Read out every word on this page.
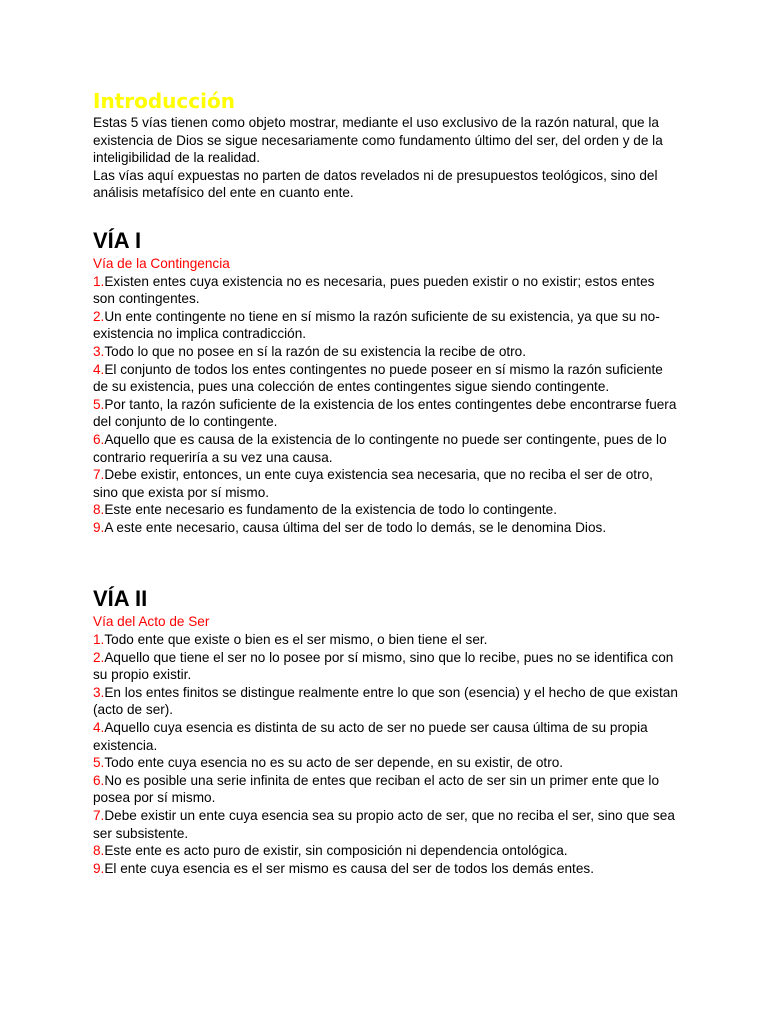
Introducción

Estas 5 vías tienen como objeto mostrar, mediante el uso exclusivo de la razón natural, que la existencia de Dios se sigue necesariamente como fundamento último del ser, del orden y de la inteligibilidad de la realidad.

Las vías aquí expuestas no parten de datos revelados ni de presupuestos teológicos, sino del análisis metafísico del ente en cuanto ente.

VÍA I

Vía de la Contingencia

1.Existen entes cuya existencia no es necesaria, pues pueden existir o no existir; estos entes son contingentes.
2.Un ente contingente no tiene en sí mismo la razón suficiente de su existencia, ya que su no-existencia no implica contradicción.
3.Todo lo que no posee en sí la razón de su existencia la recibe de otro.
4.El conjunto de todos los entes contingentes no puede poseer en sí mismo la razón suficiente de su existencia, pues una colección de entes contingentes sigue siendo contingente.
5.Por tanto, la razón suficiente de la existencia de los entes contingentes debe encontrarse fuera del conjunto de lo contingente.
6.Aquello que es causa de la existencia de lo contingente no puede ser contingente, pues de lo contrario requeriría a su vez una causa.
7.Debe existir, entonces, un ente cuya existencia sea necesaria, que no reciba el ser de otro, sino que exista por sí mismo.
8.Este ente necesario es fundamento de la existencia de todo lo contingente.
9.A este ente necesario, causa última del ser de todo lo demás, se le denomina Dios.
VÍA II

Vía del Acto de Ser

1.Todo ente que existe o bien es el ser mismo, o bien tiene el ser.
2.Aquello que tiene el ser no lo posee por sí mismo, sino que lo recibe, pues no se identifica con su propio existir.
3.En los entes finitos se distingue realmente entre lo que son (esencia) y el hecho de que existan (acto de ser).
4.Aquello cuya esencia es distinta de su acto de ser no puede ser causa última de su propia existencia.
5.Todo ente cuya esencia no es su acto de ser depende, en su existir, de otro.
6.No es posible una serie infinita de entes que reciban el acto de ser sin un primer ente que lo posea por sí mismo.
7.Debe existir un ente cuya esencia sea su propio acto de ser, que no reciba el ser, sino que sea ser subsistente.
8.Este ente es acto puro de existir, sin composición ni dependencia ontológica.
9.El ente cuya esencia es el ser mismo es causa del ser de todos los demás entes.
